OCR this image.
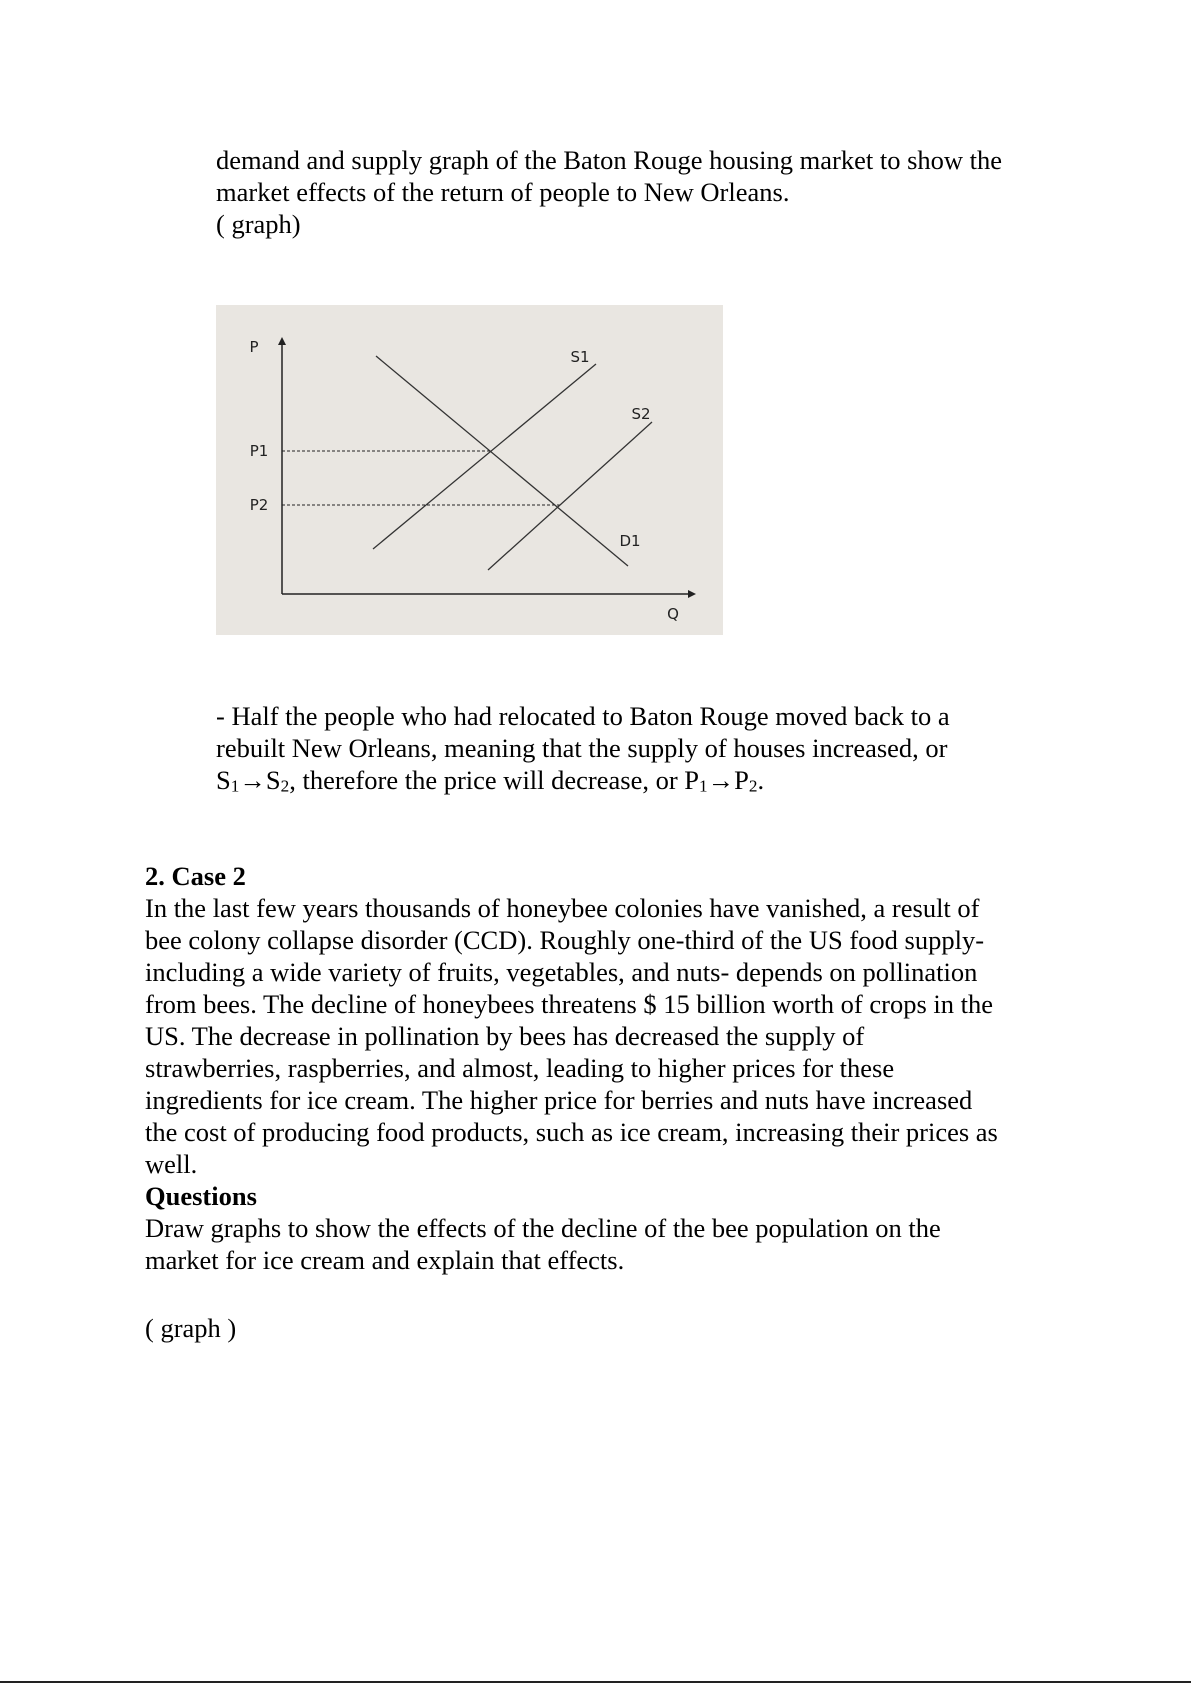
demand and supply graph of the Baton Rouge housing market to show the
market effects of the return of people to New Orleans.
( graph)
P
Q
S1
S2
D1
P1
P2
- Half the people who had relocated to Baton Rouge moved back to a
rebuilt New Orleans, meaning that the supply of houses increased, or
$S_1\to S_2$, therefore the price will decrease, or $P_1\to P_2$.
2. Case 2
In the last few years thousands of honeybee colonies have vanished, a result of
bee colony collapse disorder (CCD). Roughly one-third of the US food supply-
including a wide variety of fruits, vegetables, and nuts- depends on pollination
from bees. The decline of honeybees threatens $ 15 billion worth of crops in the
US. The decrease in pollination by bees has decreased the supply of
strawberries, raspberries, and almost, leading to higher prices for these
ingredients for ice cream. The higher price for berries and nuts have increased
the cost of producing food products, such as ice cream, increasing their prices as
well.
Questions
Draw graphs to show the effects of the decline of the bee population on the
market for ice cream and explain that effects.
( graph )
